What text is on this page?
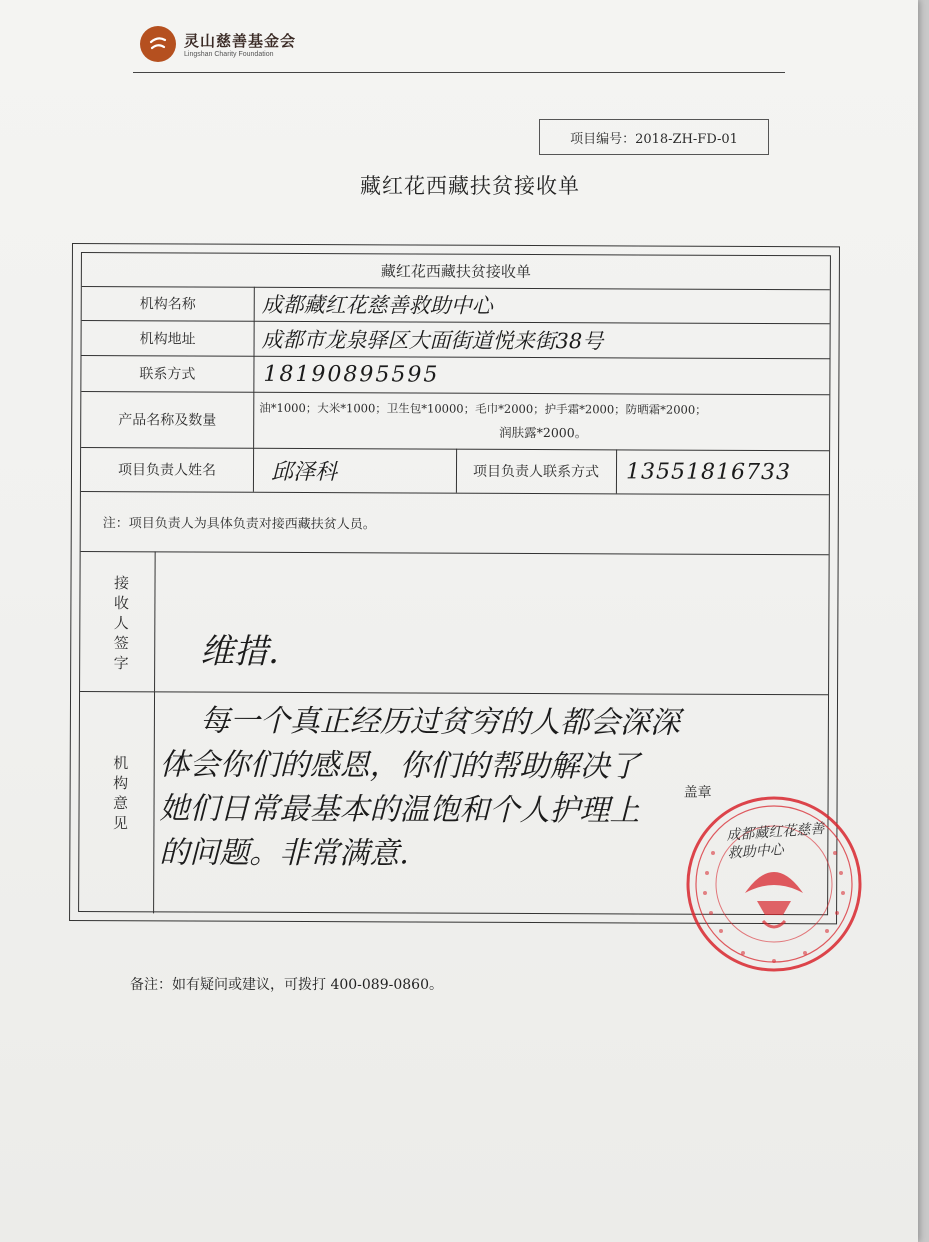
灵山慈善基金会
Lingshan Charity Foundation
项目编号：2018-ZH-FD-01
藏红花西藏扶贫接收单
藏红花西藏扶贫接收单
机构名称	成都藏红花慈善救助中心
机构地址	成都市龙泉驿区大面街道悦来街38号
联系方式	18190895595
产品名称及数量
油*1000；大米*1000；卫生包*10000；毛巾*2000；护手霜*2000；防晒霜*2000；
润肤露*2000。
项目负责人姓名	邱泽科	项目负责人联系方式	13551816733
注：项目负责人为具体负责对接西藏扶贫人员。
接收人签字 维措.
机构意见
每一个真正经历过贫穷的人都会深深
体会你们的感恩，你们的帮助解决了
她们日常最基本的温饱和个人护理上
的问题。非常满意.
盖章
成都藏红花慈善救助中心
备注：如有疑问或建议，可拨打 400-089-0860。
